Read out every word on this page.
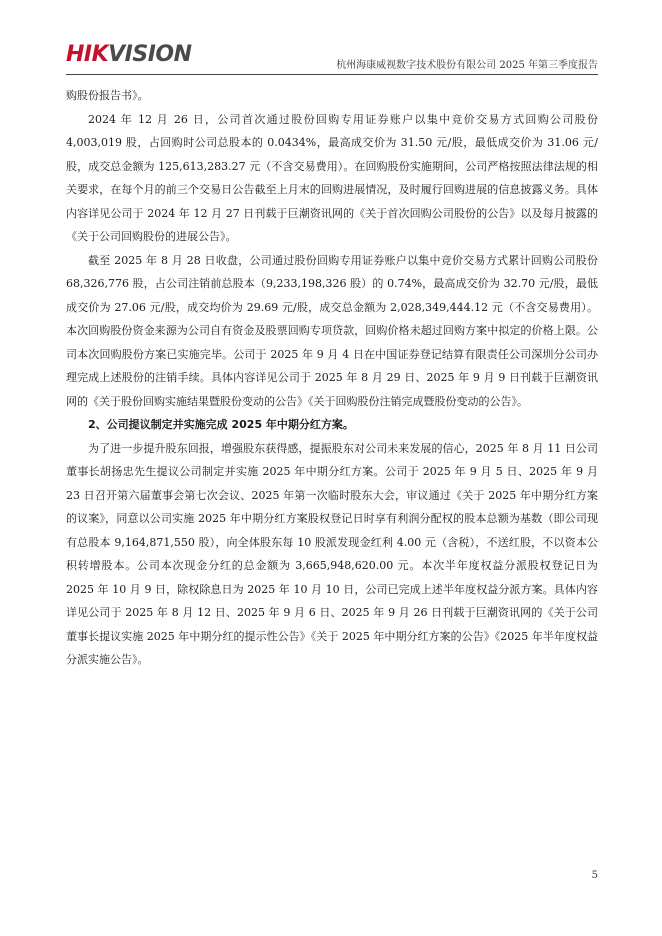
HIKVISION	杭州海康威视数字技术股份有限公司 2025 年第三季度报告

购股份报告书》。

2024 年 12 月 26 日，公司首次通过股份回购专用证券账户以集中竞价交易方式回购公司股份 4,003,019 股，占回购时公司总股本的 0.0434%，最高成交价为 31.50 元/股，最低成交价为 31.06 元/股，成交总金额为 125,613,283.27 元（不含交易费用）。在回购股份实施期间，公司严格按照法律法规的相关要求，在每个月的前三个交易日公告截至上月末的回购进展情况，及时履行回购进展的信息披露义务。具体内容详见公司于 2024 年 12 月 27 日刊载于巨潮资讯网的《关于首次回购公司股份的公告》以及每月披露的《关于公司回购股份的进展公告》。

截至 2025 年 8 月 28 日收盘，公司通过股份回购专用证券账户以集中竞价交易方式累计回购公司股份 68,326,776 股，占公司注销前总股本（9,233,198,326 股）的 0.74%，最高成交价为 32.70 元/股，最低成交价为 27.06 元/股，成交均价为 29.69 元/股，成交总金额为 2,028,349,444.12 元（不含交易费用）。本次回购股份资金来源为公司自有资金及股票回购专项贷款，回购价格未超过回购方案中拟定的价格上限。公司本次回购股份方案已实施完毕。公司于 2025 年 9 月 4 日在中国证券登记结算有限责任公司深圳分公司办理完成上述股份的注销手续。具体内容详见公司于 2025 年 8 月 29 日、2025 年 9 月 9 日刊载于巨潮资讯网的《关于股份回购实施结果暨股份变动的公告》《关于回购股份注销完成暨股份变动的公告》。

2、公司提议制定并实施完成 2025 年中期分红方案。

为了进一步提升股东回报，增强股东获得感，提振股东对公司未来发展的信心，2025 年 8 月 11 日公司董事长胡扬忠先生提议公司制定并实施 2025 年中期分红方案。公司于 2025 年 9 月 5 日、2025 年 9 月 23 日召开第六届董事会第七次会议、2025 年第一次临时股东大会，审议通过《关于 2025 年中期分红方案的议案》，同意以公司实施 2025 年中期分红方案股权登记日时享有利润分配权的股本总额为基数（即公司现有总股本 9,164,871,550 股），向全体股东每 10 股派发现金红利 4.00 元（含税），不送红股，不以资本公积转增股本。公司本次现金分红的总金额为 3,665,948,620.00 元。本次半年度权益分派股权登记日为 2025 年 10 月 9 日，除权除息日为 2025 年 10 月 10 日，公司已完成上述半年度权益分派方案。具体内容详见公司于 2025 年 8 月 12 日、2025 年 9 月 6 日、2025 年 9 月 26 日刊载于巨潮资讯网的《关于公司董事长提议实施 2025 年中期分红的提示性公告》《关于 2025 年中期分红方案的公告》《2025 年半年度权益分派实施公告》。

5
